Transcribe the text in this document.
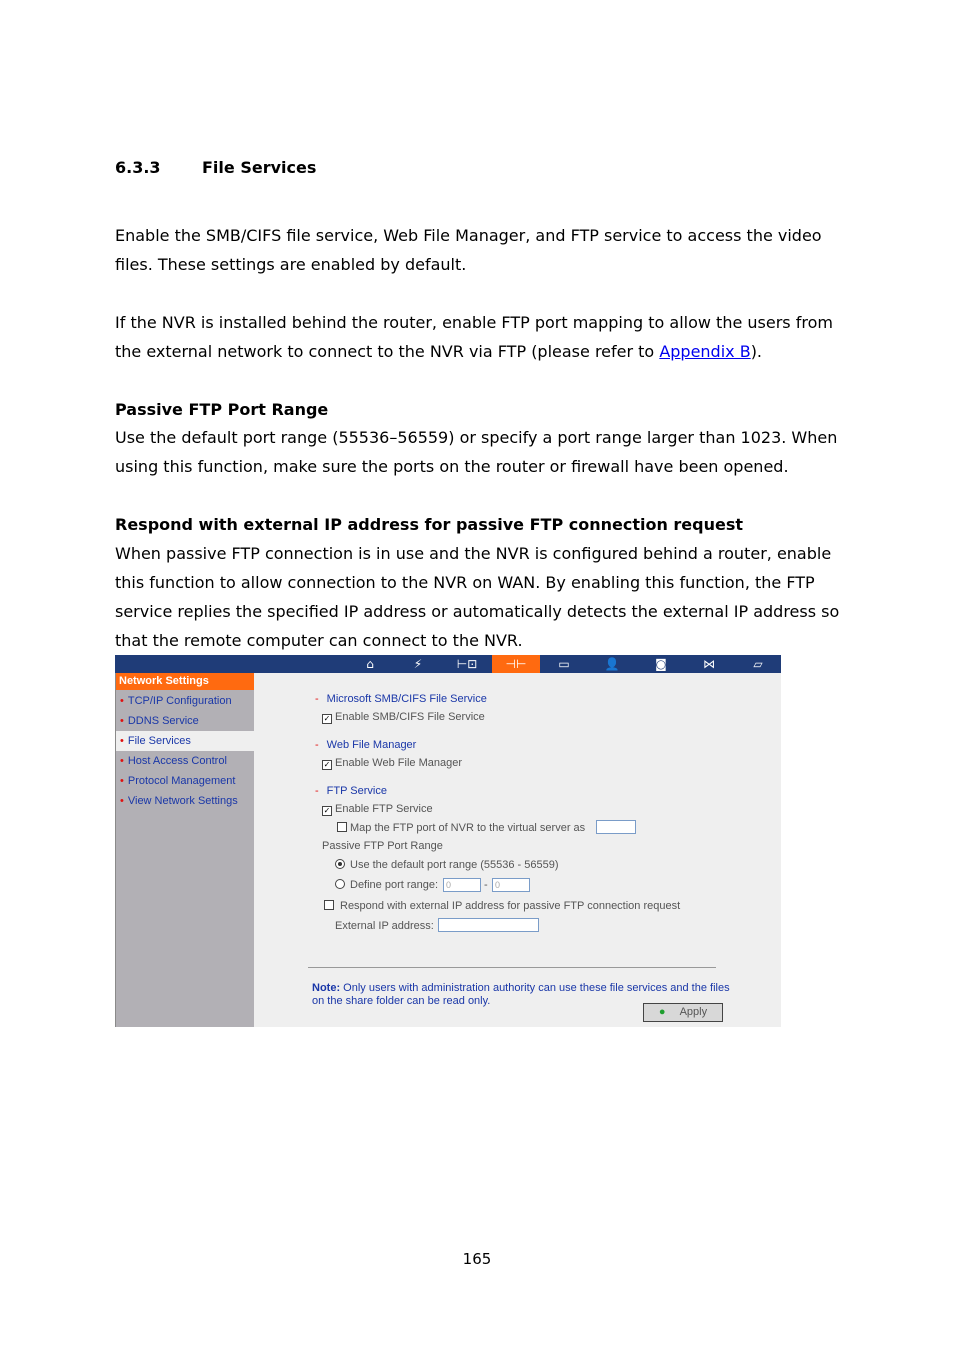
6.3.3	File Services
Enable the SMB/CIFS file service, Web File Manager, and FTP service to access the video files. These settings are enabled by default.
If the NVR is installed behind the router, enable FTP port mapping to allow the users from the external network to connect to the NVR via FTP (please refer to Appendix B).
Passive FTP Port Range
Use the default port range (55536–56559) or specify a port range larger than 1023. When using this function, make sure the ports on the router or firewall have been opened.
Respond with external IP address for passive FTP connection request
When passive FTP connection is in use and the NVR is configured behind a router, enable this function to allow connection to the NVR on WAN. By enabling this function, the FTP service replies the specified IP address or automatically detects the external IP address so that the remote computer can connect to the NVR.
⌂	⚡	⊢⊡	⊣⊢	▭	👤	◙	⋈	▱
Network Settings
• TCP/IP Configuration
• DDNS Service
• File Services
• Host Access Control
• Protocol Management
• View Network Settings
- Microsoft SMB/CIFS File Service
✓ Enable SMB/CIFS File Service
- Web File Manager
✓ Enable Web File Manager
- FTP Service
✓ Enable FTP Service
Map the FTP port of NVR to the virtual server as
Passive FTP Port Range
Use the default port range (55536 - 56559)
Define port range: 0	- 0
Respond with external IP address for passive FTP connection request
External IP address:
Note: Only users with administration authority can use these file services and the files on the share folder can be read only.
● Apply
165
